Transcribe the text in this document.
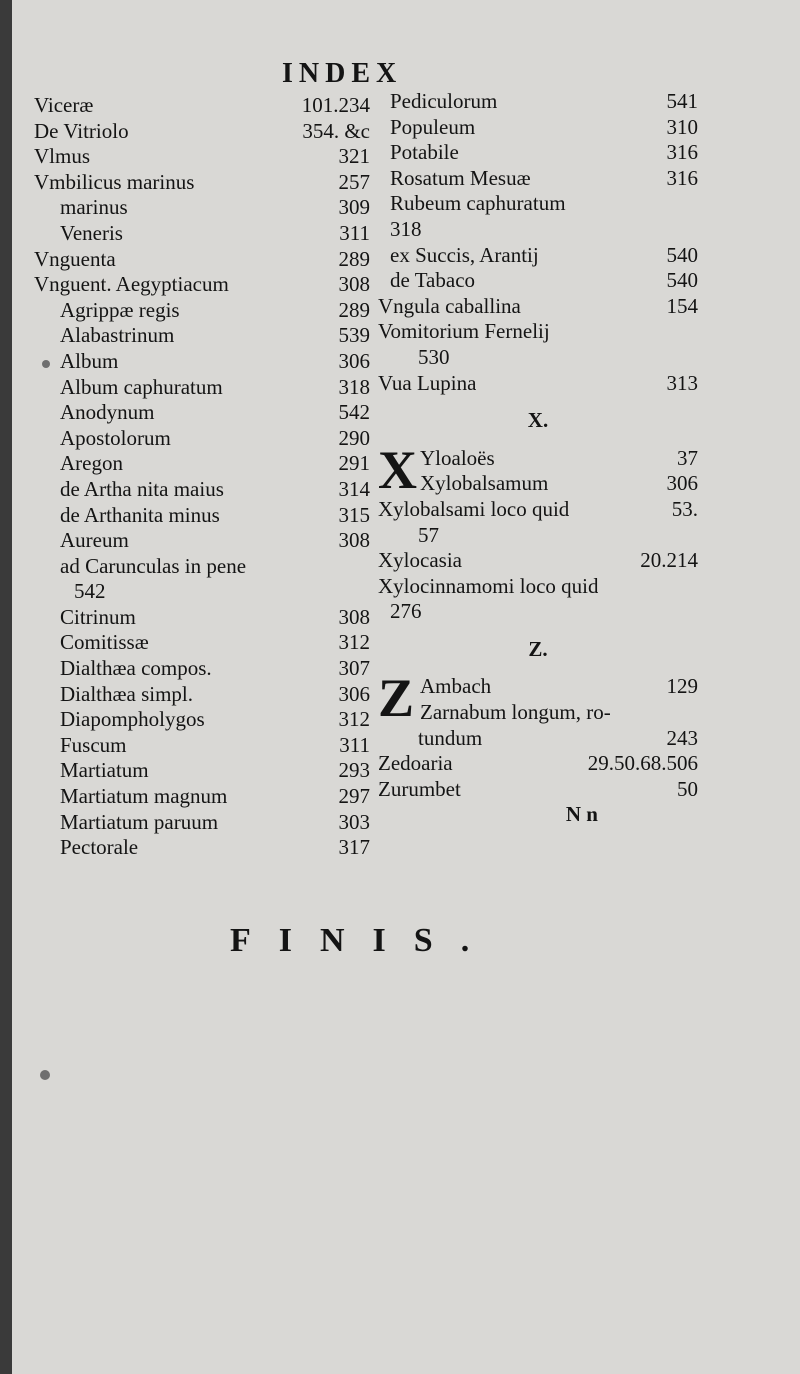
INDEX
Viceræ	101.234
De Vitriolo	354. &c
Vlmus	321
Vmbilicus marinus	257
marinus	309
Veneris	311
Vnguenta	289
Vnguent. Aegyptiacum	308
Agrippæ regis	289
Alabastrinum	539
Album	306
Album caphuratum	318
Anodynum	542
Apostolorum	290
Aregon	291
de Artha nita maius	314
de Arthanita minus	315
Aureum	308
ad Carunculas in pene
542
Citrinum	308
Comitissæ	312
Dialthæa compos.	307
Dialthæa simpl.	306
Diapompholygos	312
Fuscum	311
Martiatum	293
Martiatum magnum	297
Martiatum paruum	303
Pectorale	317
Pediculorum	541
Populeum	310
Potabile	316
Rosatum Mesuæ	316
Rubeum caphuratum
318
ex Succis, Arantij	540
de Tabaco	540
Vngula caballina	154
Vomitorium Fernelij
530
Vua Lupina	313
X.
X Yloaloës	37
Xylobalsamum	306
Xylobalsami loco quid	53.
57
Xylocasia	20.214
Xylocinnamomi loco quid
276
Z.
Z Ambach	129
Zarnabum longum, ro-
tundum	243
Zedoaria	29.50.68.506
Zurumbet	50
N n
FINIS.
